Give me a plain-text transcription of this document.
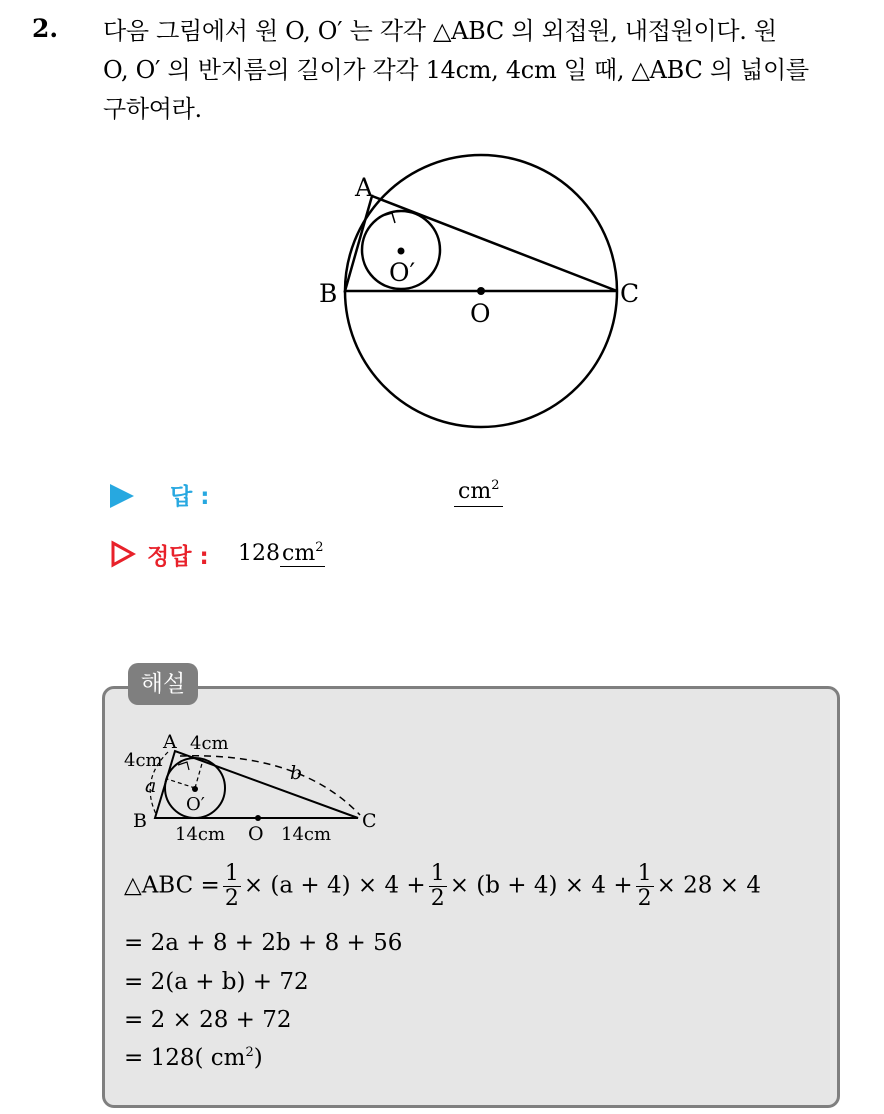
2. 다음 그림에서 원 O, O′ 는 각각 △ABC 의 외접원, 내접원이다. 원
O, O′ 의 반지름의 길이가 각각 14cm, 4cm 일 때, △ABC 의 넓이를
구하여라.
A
B	C
O
O′
답 :	$cm^2$
정답 : $128cm^2$
해설
A 4cm
4cm
a
b
B	C
O
O′
14cm	14cm
△ABC = $\frac{1}{2} \times (a + 4) \times 4 + \frac{1}{2} \times (b + 4) \times 4 + \frac{1}{2} \times 28 \times 4$
= 2a + 8 + 2b + 8 + 56
= 2(a + b) + 72
= 2 × 28 + 72
= 128( $cm^2$)
